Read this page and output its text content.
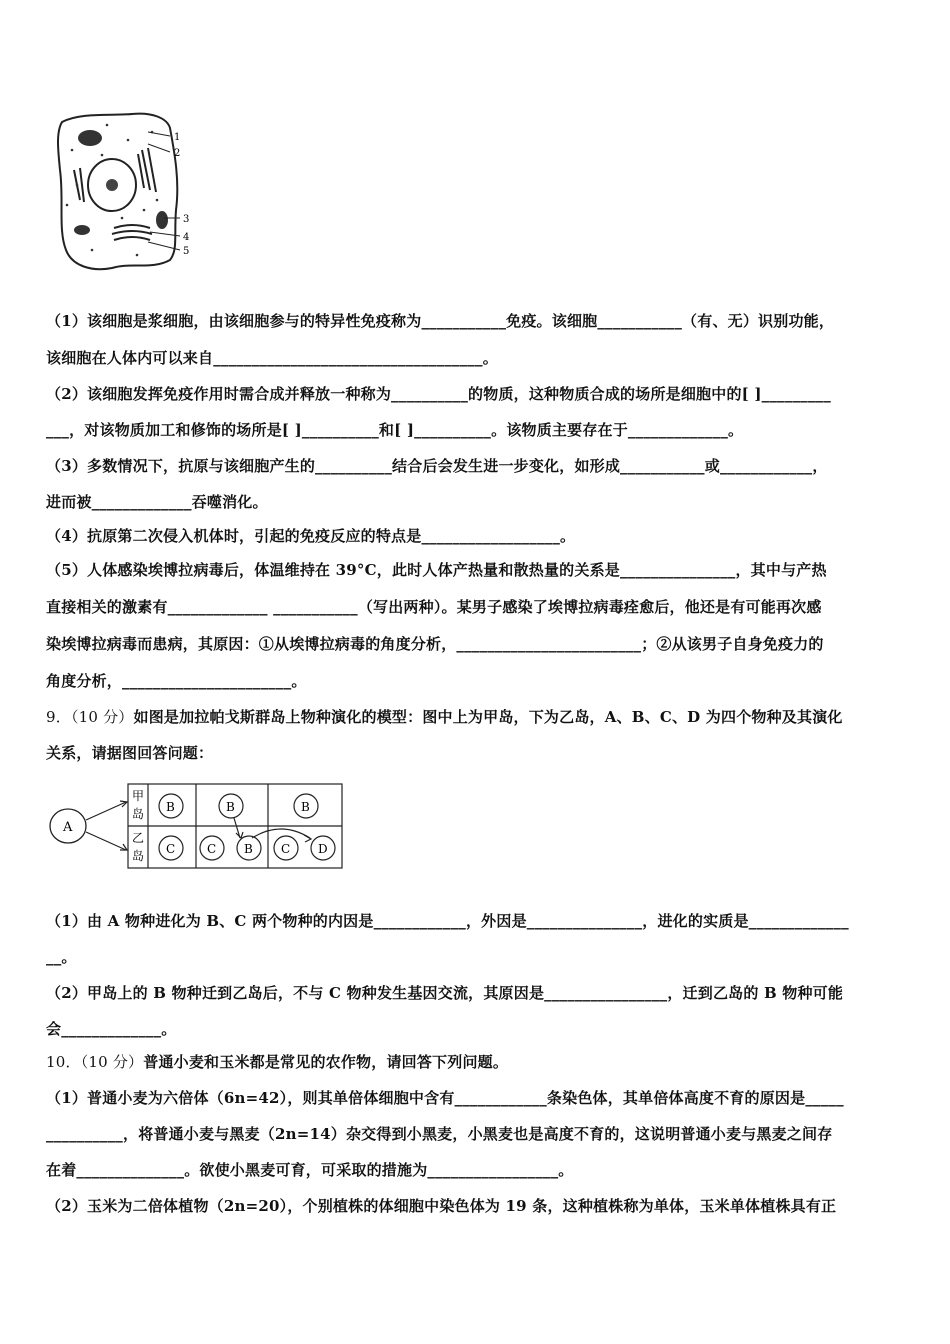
1
2
3
4
5
（1）该细胞是浆细胞，由该细胞参与的特异性免疫称为___________免疫。该细胞___________（有、无）识别功能，
该细胞在人体内可以来自___________________________________。
（2）该细胞发挥免疫作用时需合成并释放一种称为__________的物质，这种物质合成的场所是细胞中的[ ]_________
___，对该物质加工和修饰的场所是[ ]__________和[ ]__________。该物质主要存在于_____________。
（3）多数情况下，抗原与该细胞产生的__________结合后会发生进一步变化，如形成___________或____________，
进而被_____________吞噬消化。
（4）抗原第二次侵入机体时，引起的免疫反应的特点是__________________。
（5）人体感染埃博拉病毒后，体温维持在 39°C，此时人体产热量和散热量的关系是_______________，其中与产热
直接相关的激素有_____________ ___________（写出两种）。某男子感染了埃博拉病毒痊愈后，他还是有可能再次感
染埃博拉病毒而患病，其原因：①从埃博拉病毒的角度分析，________________________；②从该男子自身免疫力的
角度分析，______________________。
9．（10 分）如图是加拉帕戈斯群岛上物种演化的模型：图中上为甲岛，下为乙岛，A、B、C、D 为四个物种及其演化
关系，请据图回答问题：
A
甲
岛
乙
岛
B	B	B
C	C B C D
（1）由 A 物种进化为 B、C 两个物种的内因是____________，外因是_______________，进化的实质是_____________
__。
（2）甲岛上的 B 物种迁到乙岛后，不与 C 物种发生基因交流，其原因是________________，迁到乙岛的 B 物种可能
会_____________。
10．（10 分）普通小麦和玉米都是常见的农作物，请回答下列问题。
（1）普通小麦为六倍体（6n=42），则其单倍体细胞中含有____________条染色体，其单倍体高度不育的原因是_____
__________，将普通小麦与黑麦（2n=14）杂交得到小黑麦，小黑麦也是高度不育的，这说明普通小麦与黑麦之间存
在着______________。欲使小黑麦可育，可采取的措施为_________________。
（2）玉米为二倍体植物（2n=20），个别植株的体细胞中染色体为 19 条，这种植株称为单体，玉米单体植株具有正
